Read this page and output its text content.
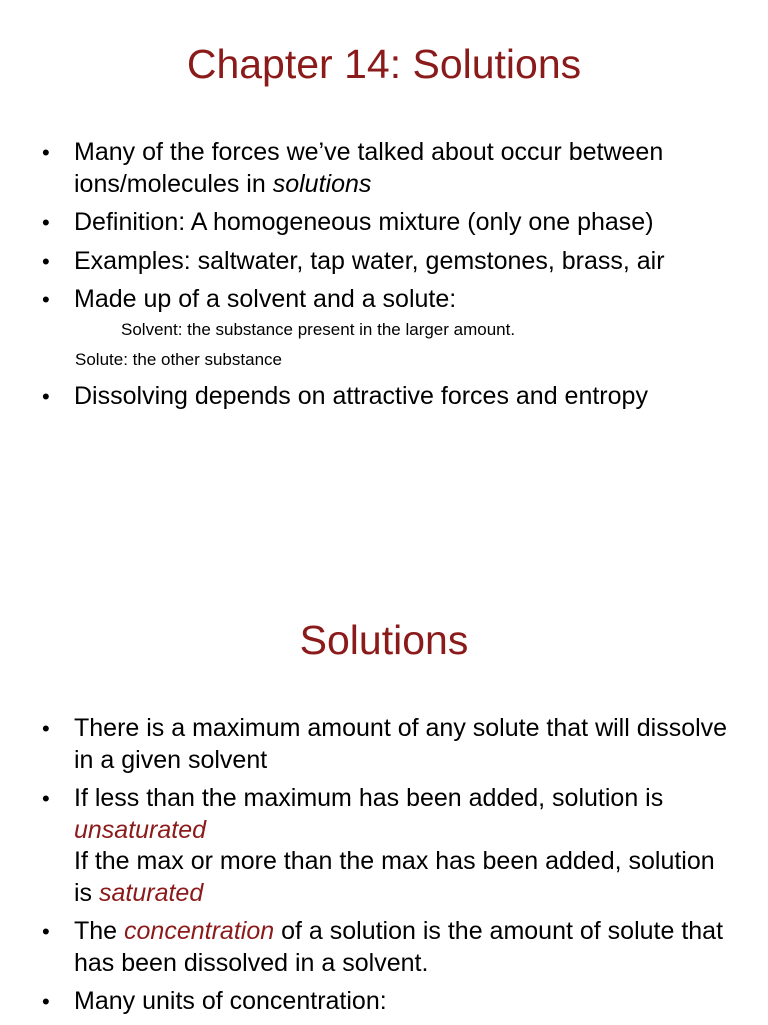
Chapter 14: Solutions
• Many of the forces we’ve talked about occur between ions/molecules in solutions
• Definition: A homogeneous mixture (only one phase)
• Examples: saltwater, tap water, gemstones, brass, air
• Made up of a solvent and a solute:

Solvent: the substance present in the larger amount.

Solute: the other substance

• Dissolving depends on attractive forces and entropy
Solutions
• There is a maximum amount of any solute that will dissolve in a given solvent
• If less than the maximum has been added, solution is unsaturated
If the max or more than the max has been added, solution is saturated
• The concentration of a solution is the amount of solute that has been dissolved in a solvent.
• Many units of concentration:
